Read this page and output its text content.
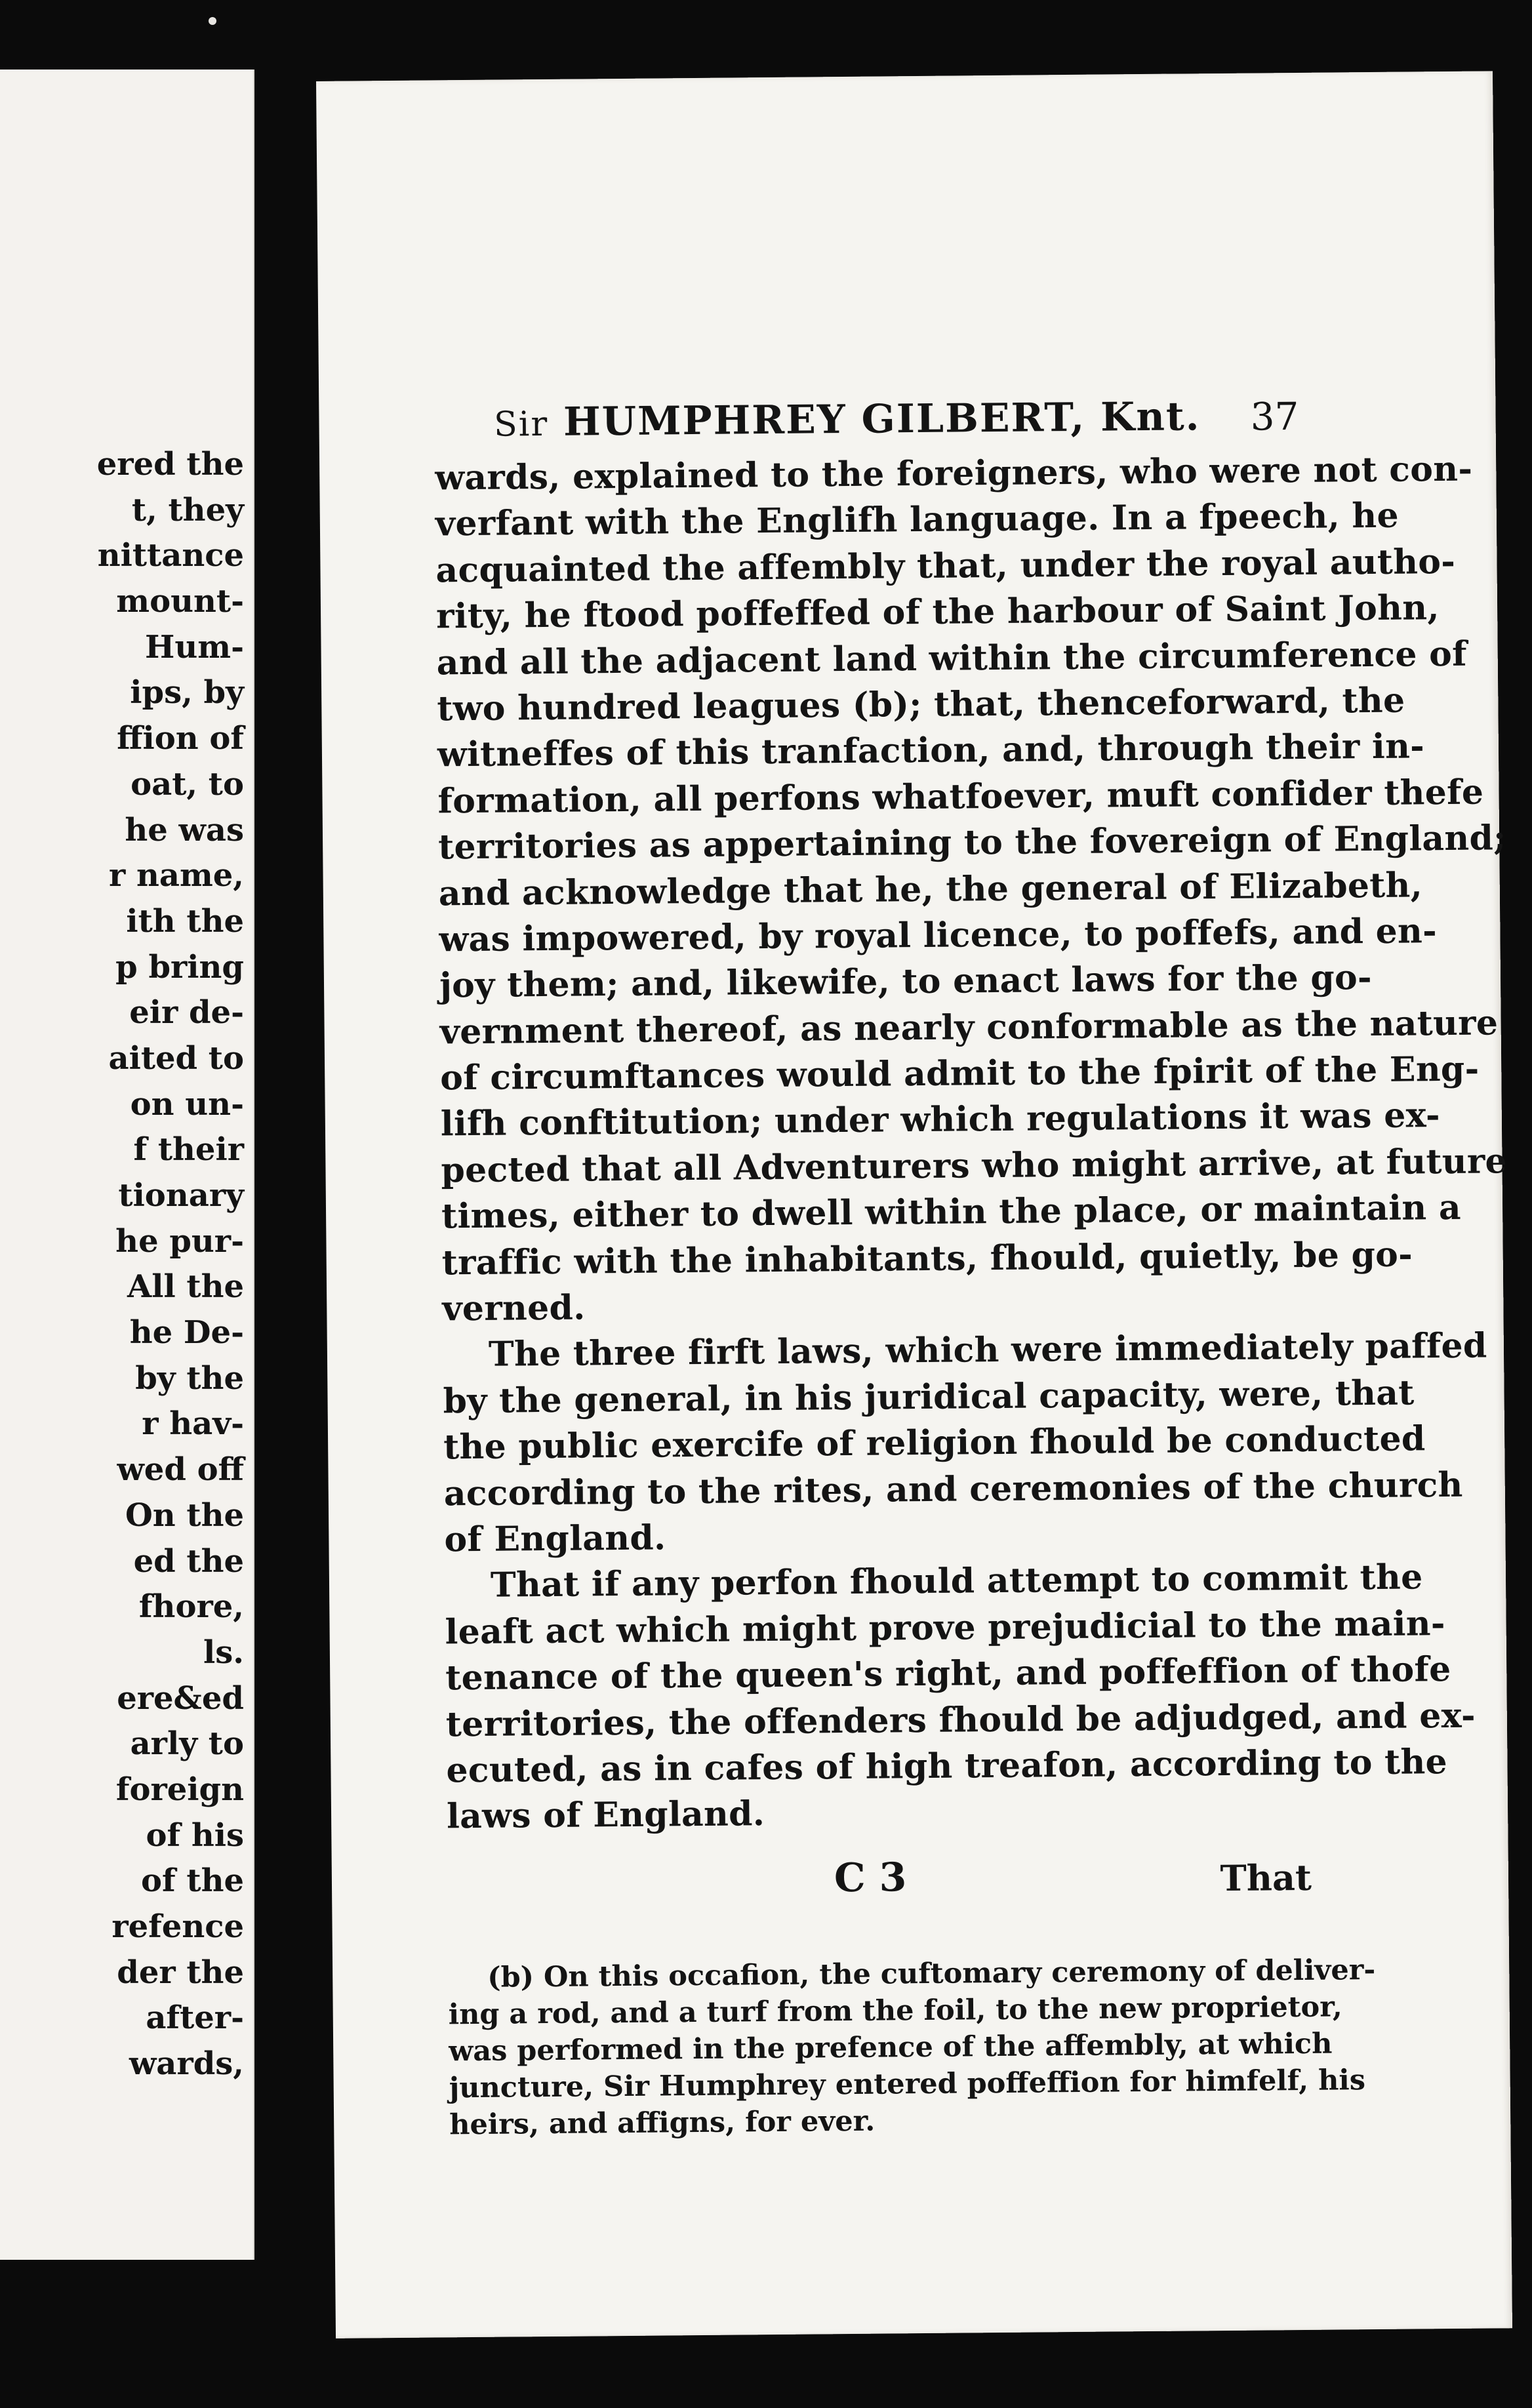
ered the
t, they
nittance
mount-
Hum-
ips, by
ffion of
oat, to
he was
r name,
ith the
p bring
eir de-
aited to
on un-
f their
tionary
he pur-
All the
he De-
by the
r hav-
wed off
On the
ed the
fhore,
ls.
ere&ed
arly to
foreign
of his
of the
refence
der the
after-
wards,
Sir HUMPHREY GILBERT, Knt. 37
wards, explained to the foreigners, who were not con-
verfant with the Englifh language. In a fpeech, he
acquainted the affembly that, under the royal autho-
rity, he ftood poffeffed of the harbour of Saint John,
and all the adjacent land within the circumference of
two hundred leagues (b); that, thenceforward, the
witneffes of this tranfaction, and, through their in-
formation, all perfons whatfoever, muft confider thefe
territories as appertaining to the fovereign of England;
and acknowledge that he, the general of Elizabeth,
was impowered, by royal licence, to poffefs, and en-
joy them; and, likewife, to enact laws for the go-
vernment thereof, as nearly conformable as the nature
of circumftances would admit to the fpirit of the Eng-
lifh conftitution; under which regulations it was ex-
pected that all Adventurers who might arrive, at future
times, either to dwell within the place, or maintain a
traffic with the inhabitants, fhould, quietly, be go-
verned.
The three firft laws, which were immediately paffed
by the general, in his juridical capacity, were, that
the public exercife of religion fhould be conducted
according to the rites, and ceremonies of the church
of England.
That if any perfon fhould attempt to commit the
leaft act which might prove prejudicial to the main-
tenance of the queen's right, and poffeffion of thofe
territories, the offenders fhould be adjudged, and ex-
ecuted, as in cafes of high treafon, according to the
laws of England.
C 3	That
(b) On this occafion, the cuftomary ceremony of deliver-
ing a rod, and a turf from the foil, to the new proprietor,
was performed in the prefence of the affembly, at which
juncture, Sir Humphrey entered poffeffion for himfelf, his
heirs, and affigns, for ever.
